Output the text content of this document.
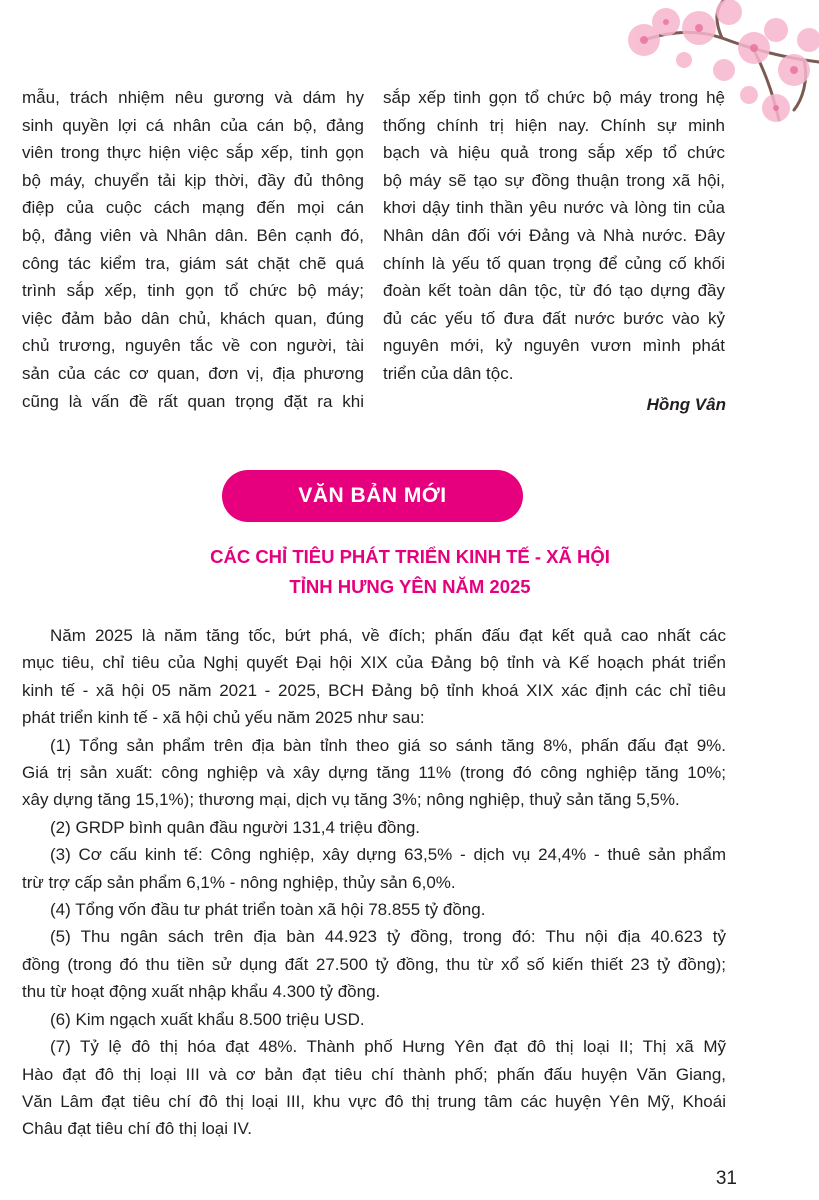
mẫu, trách nhiệm nêu gương và dám hy
sinh quyền lợi cá nhân của cán bộ, đảng
viên trong thực hiện việc sắp xếp, tinh gọn
bộ máy, chuyển tải kịp thời, đầy đủ thông
điệp của cuộc cách mạng đến mọi cán
bộ, đảng viên và Nhân dân. Bên cạnh đó,
công tác kiểm tra, giám sát chặt chẽ quá
trình sắp xếp, tinh gọn tổ chức bộ máy;
việc đảm bảo dân chủ, khách quan, đúng
chủ trương, nguyên tắc về con người, tài
sản của các cơ quan, đơn vị, địa phương
cũng là vấn đề rất quan trọng đặt ra khi
sắp xếp tinh gọn tổ chức bộ máy trong hệ
thống chính trị hiện nay. Chính sự minh
bạch và hiệu quả trong sắp xếp tổ chức
bộ máy sẽ tạo sự đồng thuận trong xã hội,
khơi dậy tinh thần yêu nước và lòng tin của
Nhân dân đối với Đảng và Nhà nước. Đây
chính là yếu tố quan trọng để củng cố khối
đoàn kết toàn dân tộc, từ đó tạo dựng đầy
đủ các yếu tố đưa đất nước bước vào kỷ
nguyên mới, kỷ nguyên vươn mình phát
triển của dân tộc.
Hồng Vân
VĂN BẢN MỚI
CÁC CHỈ TIÊU PHÁT TRIỂN KINH TẾ - XÃ HỘI
TỈNH HƯNG YÊN NĂM 2025
Năm 2025 là năm tăng tốc, bứt phá, về đích; phấn đấu đạt kết quả cao nhất các
mục tiêu, chỉ tiêu của Nghị quyết Đại hội XIX của Đảng bộ tỉnh và Kế hoạch phát triển
kinh tế - xã hội 05 năm 2021 - 2025, BCH Đảng bộ tỉnh khoá XIX xác định các chỉ tiêu
phát triển kinh tế - xã hội chủ yếu năm 2025 như sau:
(1) Tổng sản phẩm trên địa bàn tỉnh theo giá so sánh tăng 8%, phấn đấu đạt 9%.
Giá trị sản xuất: công nghiệp và xây dựng tăng 11% (trong đó công nghiệp tăng 10%;
xây dựng tăng 15,1%); thương mại, dịch vụ tăng 3%; nông nghiệp, thuỷ sản tăng 5,5%.
(2) GRDP bình quân đầu người 131,4 triệu đồng.
(3) Cơ cấu kinh tế: Công nghiệp, xây dựng 63,5% - dịch vụ 24,4% - thuê sản phẩm
trừ trợ cấp sản phẩm 6,1% - nông nghiệp, thủy sản 6,0%.
(4) Tổng vốn đầu tư phát triển toàn xã hội 78.855 tỷ đồng.
(5) Thu ngân sách trên địa bàn 44.923 tỷ đồng, trong đó: Thu nội địa 40.623 tỷ
đồng (trong đó thu tiền sử dụng đất 27.500 tỷ đồng, thu từ xổ số kiến thiết 23 tỷ đồng);
thu từ hoạt động xuất nhập khẩu 4.300 tỷ đồng.
(6) Kim ngạch xuất khẩu 8.500 triệu USD.
(7) Tỷ lệ đô thị hóa đạt 48%. Thành phố Hưng Yên đạt đô thị loại II; Thị xã Mỹ
Hào đạt đô thị loại III và cơ bản đạt tiêu chí thành phố; phấn đấu huyện Văn Giang,
Văn Lâm đạt tiêu chí đô thị loại III, khu vực đô thị trung tâm các huyện Yên Mỹ, Khoái
Châu đạt tiêu chí đô thị loại IV.
31
